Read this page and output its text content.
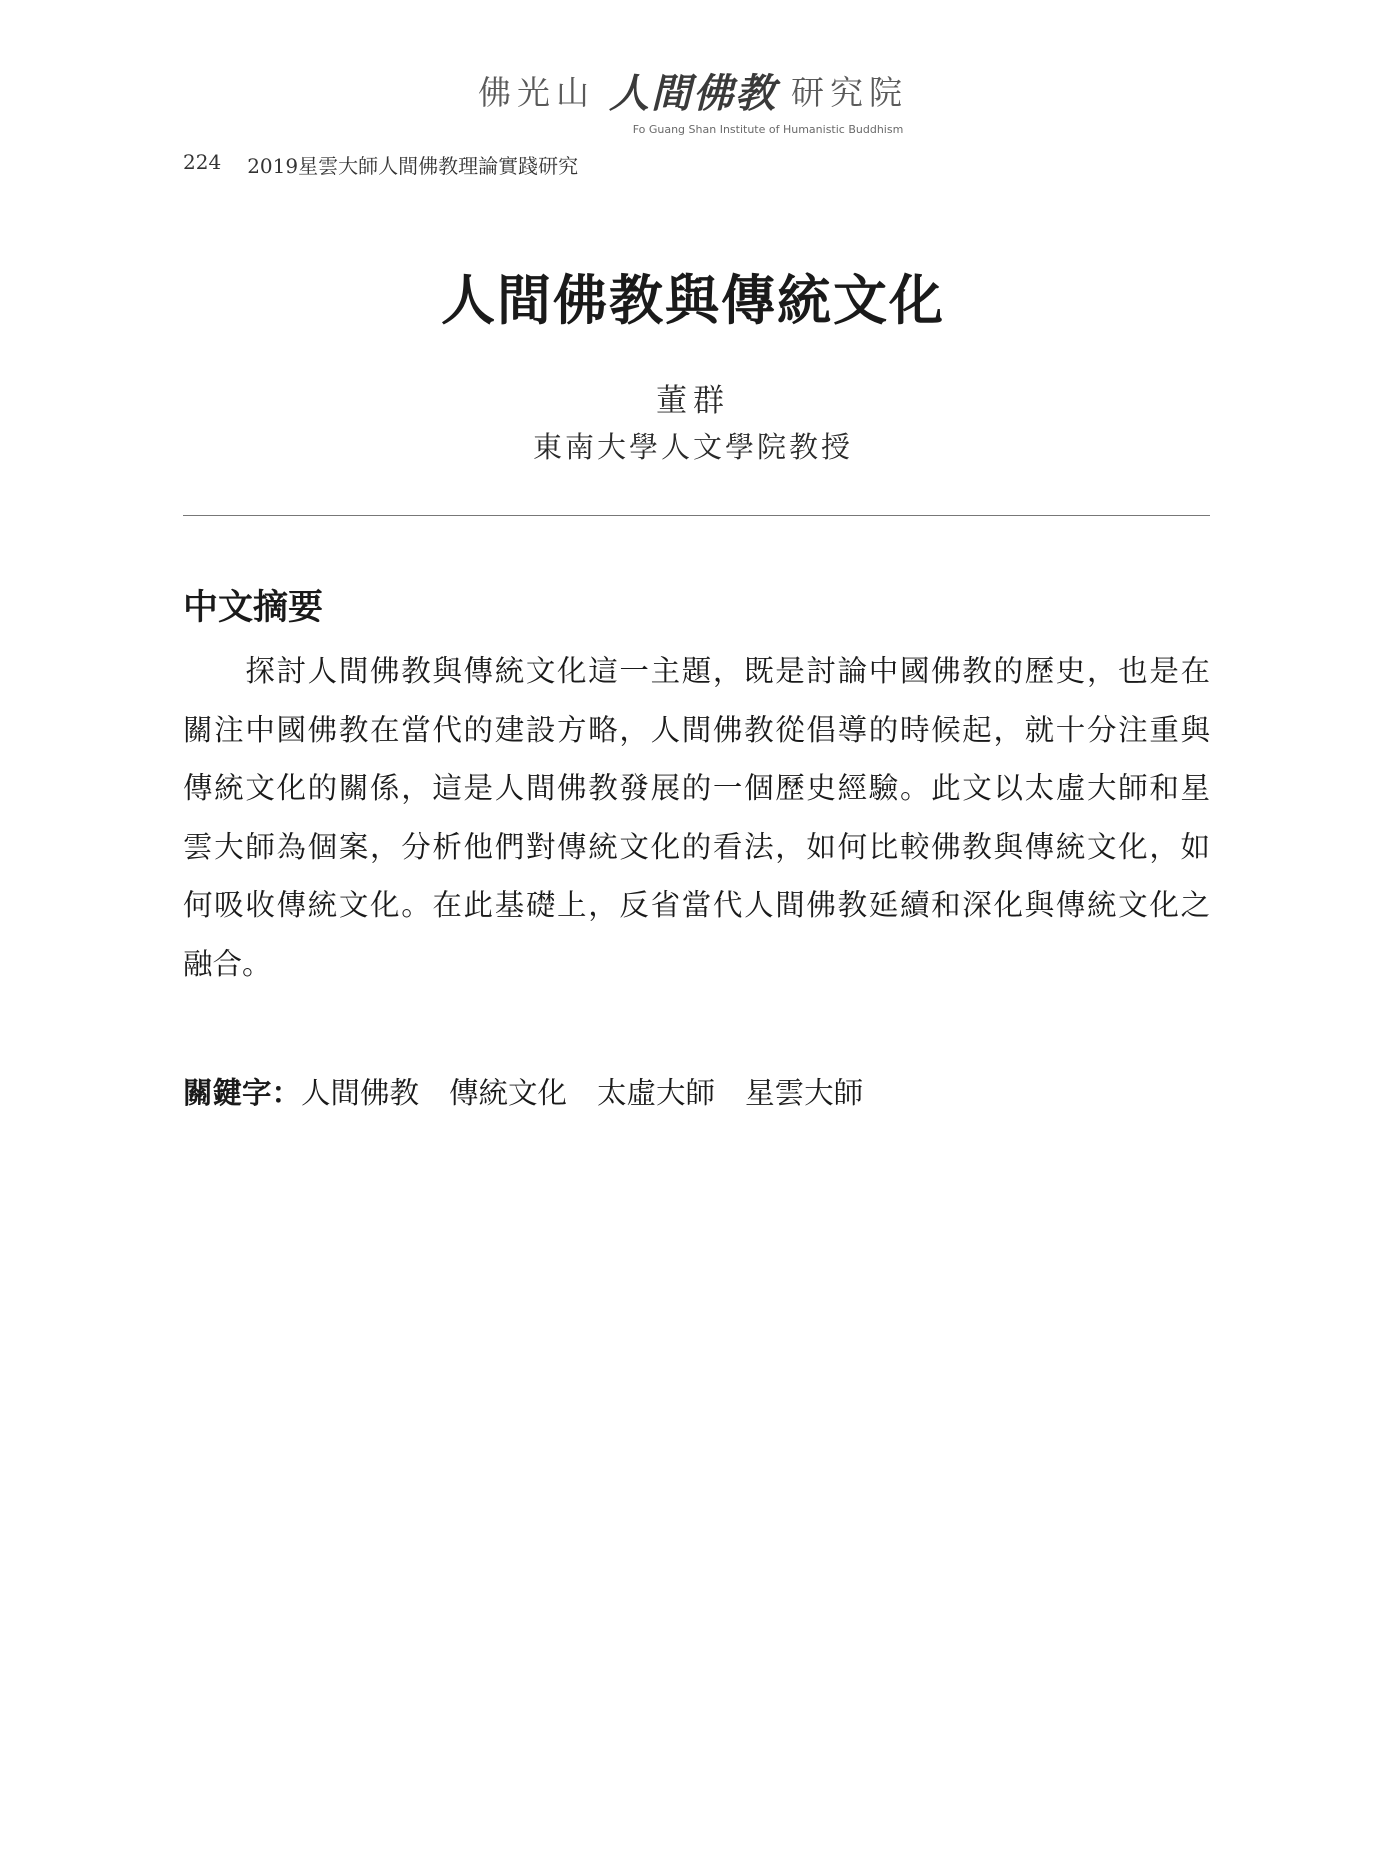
佛光山 人間佛教 研究院
Fo Guang Shan Institute of Humanistic Buddhism
224 2019星雲大師人間佛教理論實踐研究
人間佛教與傳統文化
董群
東南大學人文學院教授
中文摘要
　　探討人間佛教與傳統文化這一主題，既是討論中國佛教的歷史，也是在
關注中國佛教在當代的建設方略，人間佛教從倡導的時候起，就十分注重與
傳統文化的關係，這是人間佛教發展的一個歷史經驗。此文以太虛大師和星
雲大師為個案，分析他們對傳統文化的看法，如何比較佛教與傳統文化，如
何吸收傳統文化。在此基礎上，反省當代人間佛教延續和深化與傳統文化之
融合。
關鍵字： 人間佛教 傳統文化 太虛大師 星雲大師
